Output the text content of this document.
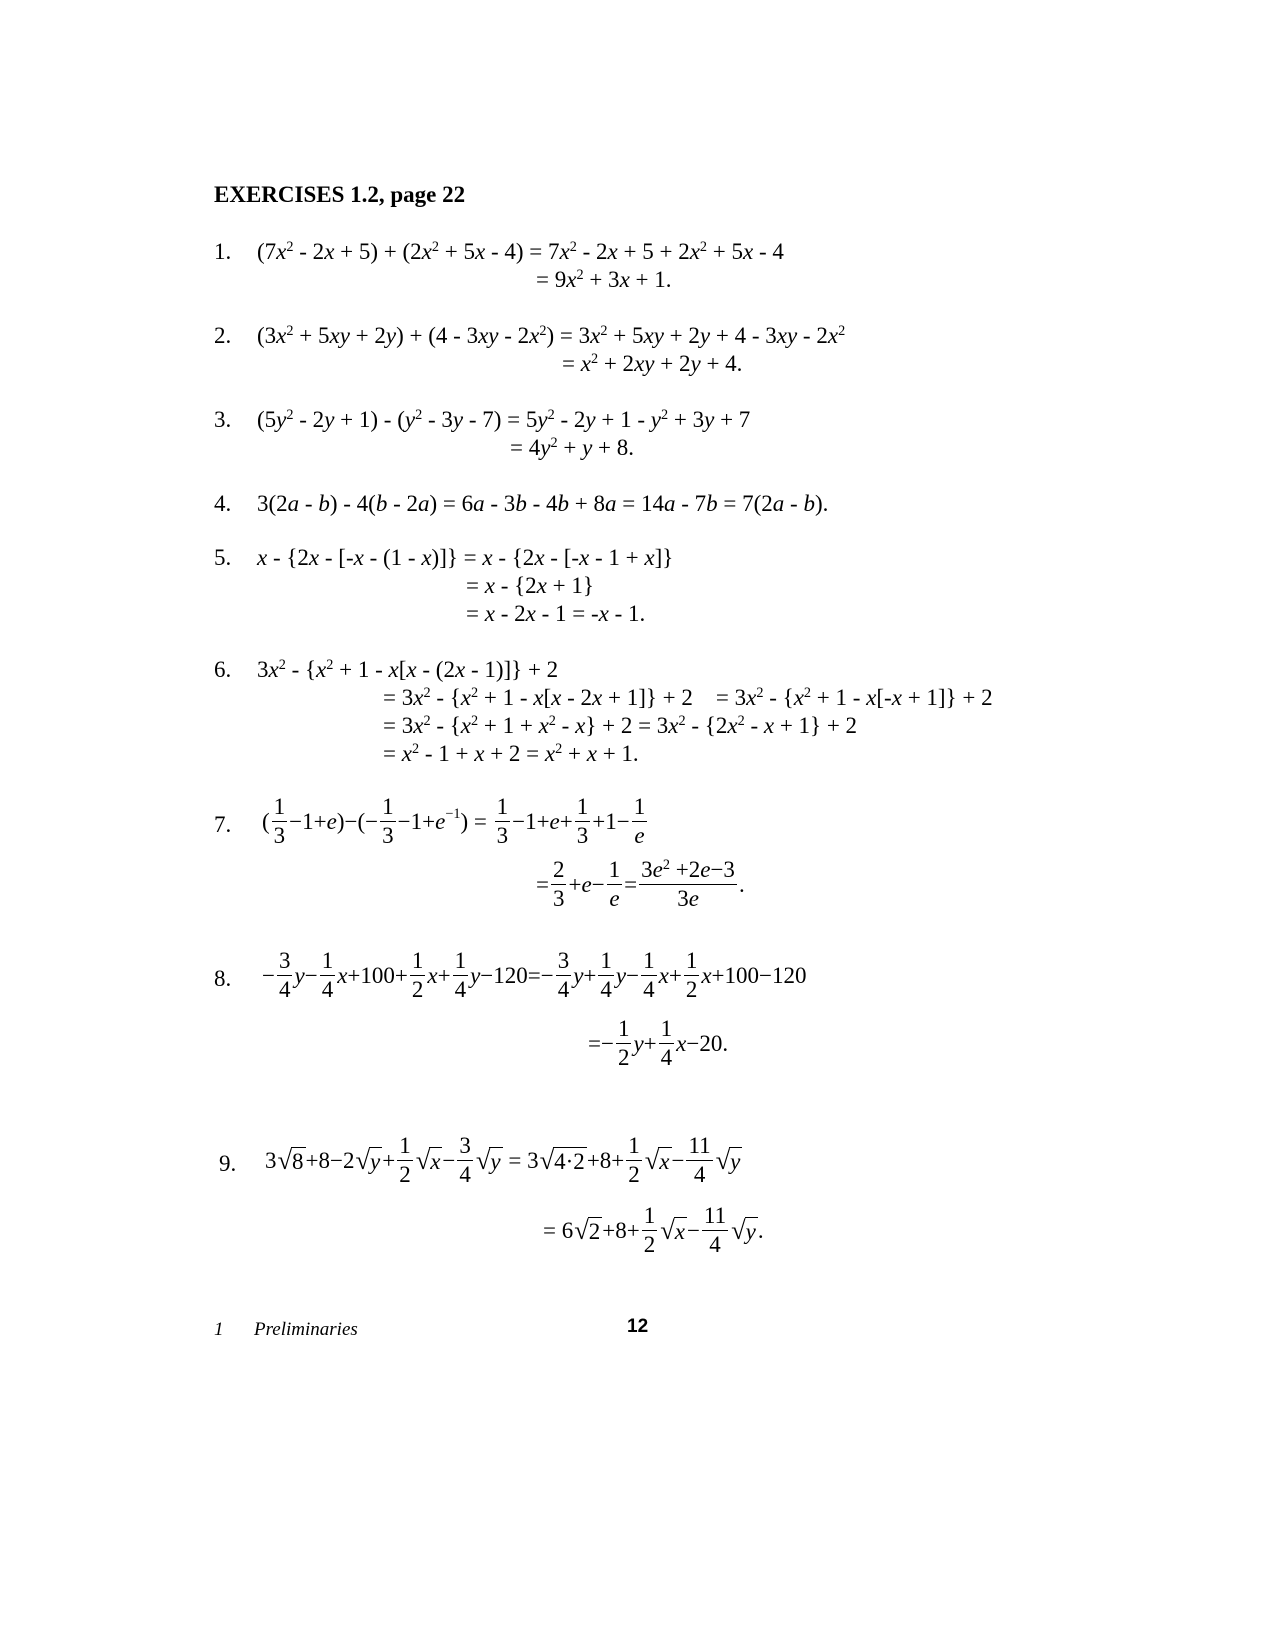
EXERCISES 1.2, page 22
1. $(7x^2 - 2x + 5) + (2x^2 + 5x - 4) = 7x^2 - 2x + 5 + 2x^2 + 5x - 4$
= $9x^2 + 3x + 1$.
2. $(3x^2 + 5xy + 2y) + (4 - 3xy - 2x^2) = 3x^2 + 5xy + 2y + 4 - 3xy - 2x^2$
= $x^2 + 2xy + 2y + 4$.
3. $(5y^2 - 2y + 1) - (y^2 - 3y - 7) = 5y^2 - 2y + 1 - y^2 + 3y + 7$
= $4y^2 + y + 8$.
4. 3(2a - b) - 4(b - 2a) = 6a - 3b - 4b + 8a = 14a - 7b = 7(2a - b).
5. x - {2x - [-x - (1 - x)]} = x - {2x - [-x - 1 + x]}
= x - {2x + 1}
= x - 2x - 1 = -x - 1.
6. $3x^2 - \{x^2 + 1 - x[x - (2x - 1)]\} + 2$
= $3x^2 - \{x^2 + 1 - x[x - 2x + 1]\} + 2$    = $3x^2 - \{x^2 + 1 - x[-x + 1]\} + 2$
= $3x^2 - \{x^2 + 1 + x^2 - x\} + 2 = 3x^2 - \{2x^2 - x + 1\} + 2$
= $x^2 - 1 + x + 2 = x^2 + x + 1$.
7. ( $\frac{1}{3} -1+ e$ )−(− $\frac{1}{3} -1+ e^{-1}$ ) = $\frac{1}{3} -1+ e + \frac{1}{3} +1- \frac{1}{e}$
= $\frac{2}{3} + e - \frac{1}{e} = \frac{3e^2 +2e-3}{3e}$ .
8. − $\frac{3}{4}$ $y - \frac{1}{4}$ $x +100+ \frac{1}{2}$ $x + \frac{1}{4}$ $y -120=- \frac{3}{4}$ $y + \frac{1}{4}$ $y - \frac{1}{4}$ $x + \frac{1}{2}$ x +100−120
=− $\frac{1}{2}$ $y + \frac{1}{4}$ x −20.
9. 3 √ 8 +8−2 √ $y + \frac{1}{2}$ √ $x - \frac{3}{4}$ √ y = 3 √ $4\cdot 2 +8+ \frac{1}{2}$ √ $x - \frac{11}{4}$ √ y
= 6 √ $2 +8+ \frac{1}{2}$ √ $x - \frac{11}{4}$ √ y .
1 Preliminaries	12
